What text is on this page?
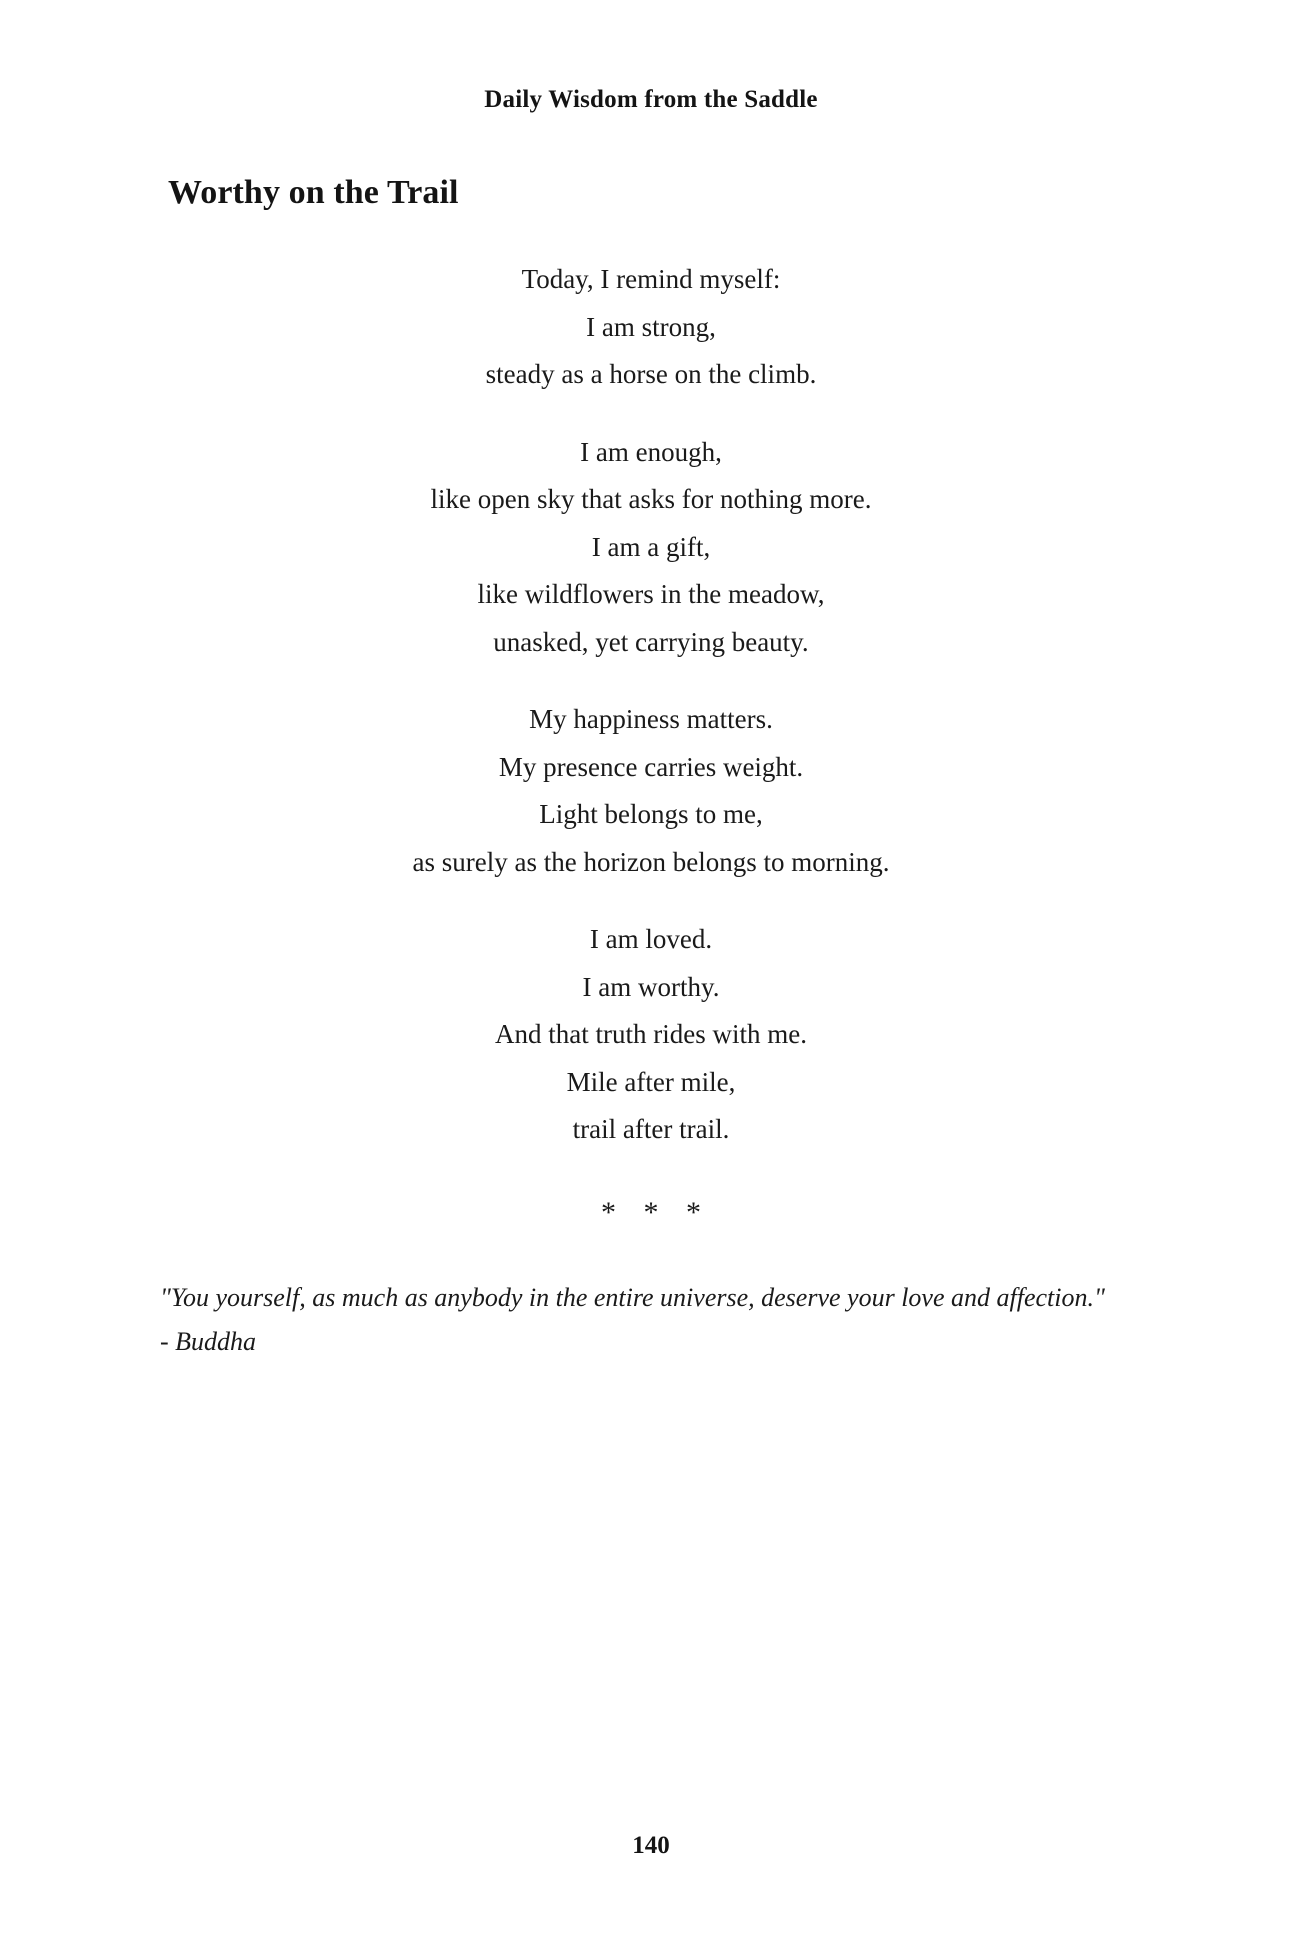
Daily Wisdom from the Saddle
Worthy on the Trail

Today, I remind myself:
I am strong,
steady as a horse on the climb.

I am enough,
like open sky that asks for nothing more.
I am a gift,
like wildflowers in the meadow,
unasked, yet carrying beauty.

My happiness matters.
My presence carries weight.
Light belongs to me,
as surely as the horizon belongs to morning.

I am loved.
I am worthy.
And that truth rides with me.
Mile after mile,
trail after trail.

* * *

"You yourself, as much as anybody in the entire universe, deserve your love and affection." - Buddha

140
